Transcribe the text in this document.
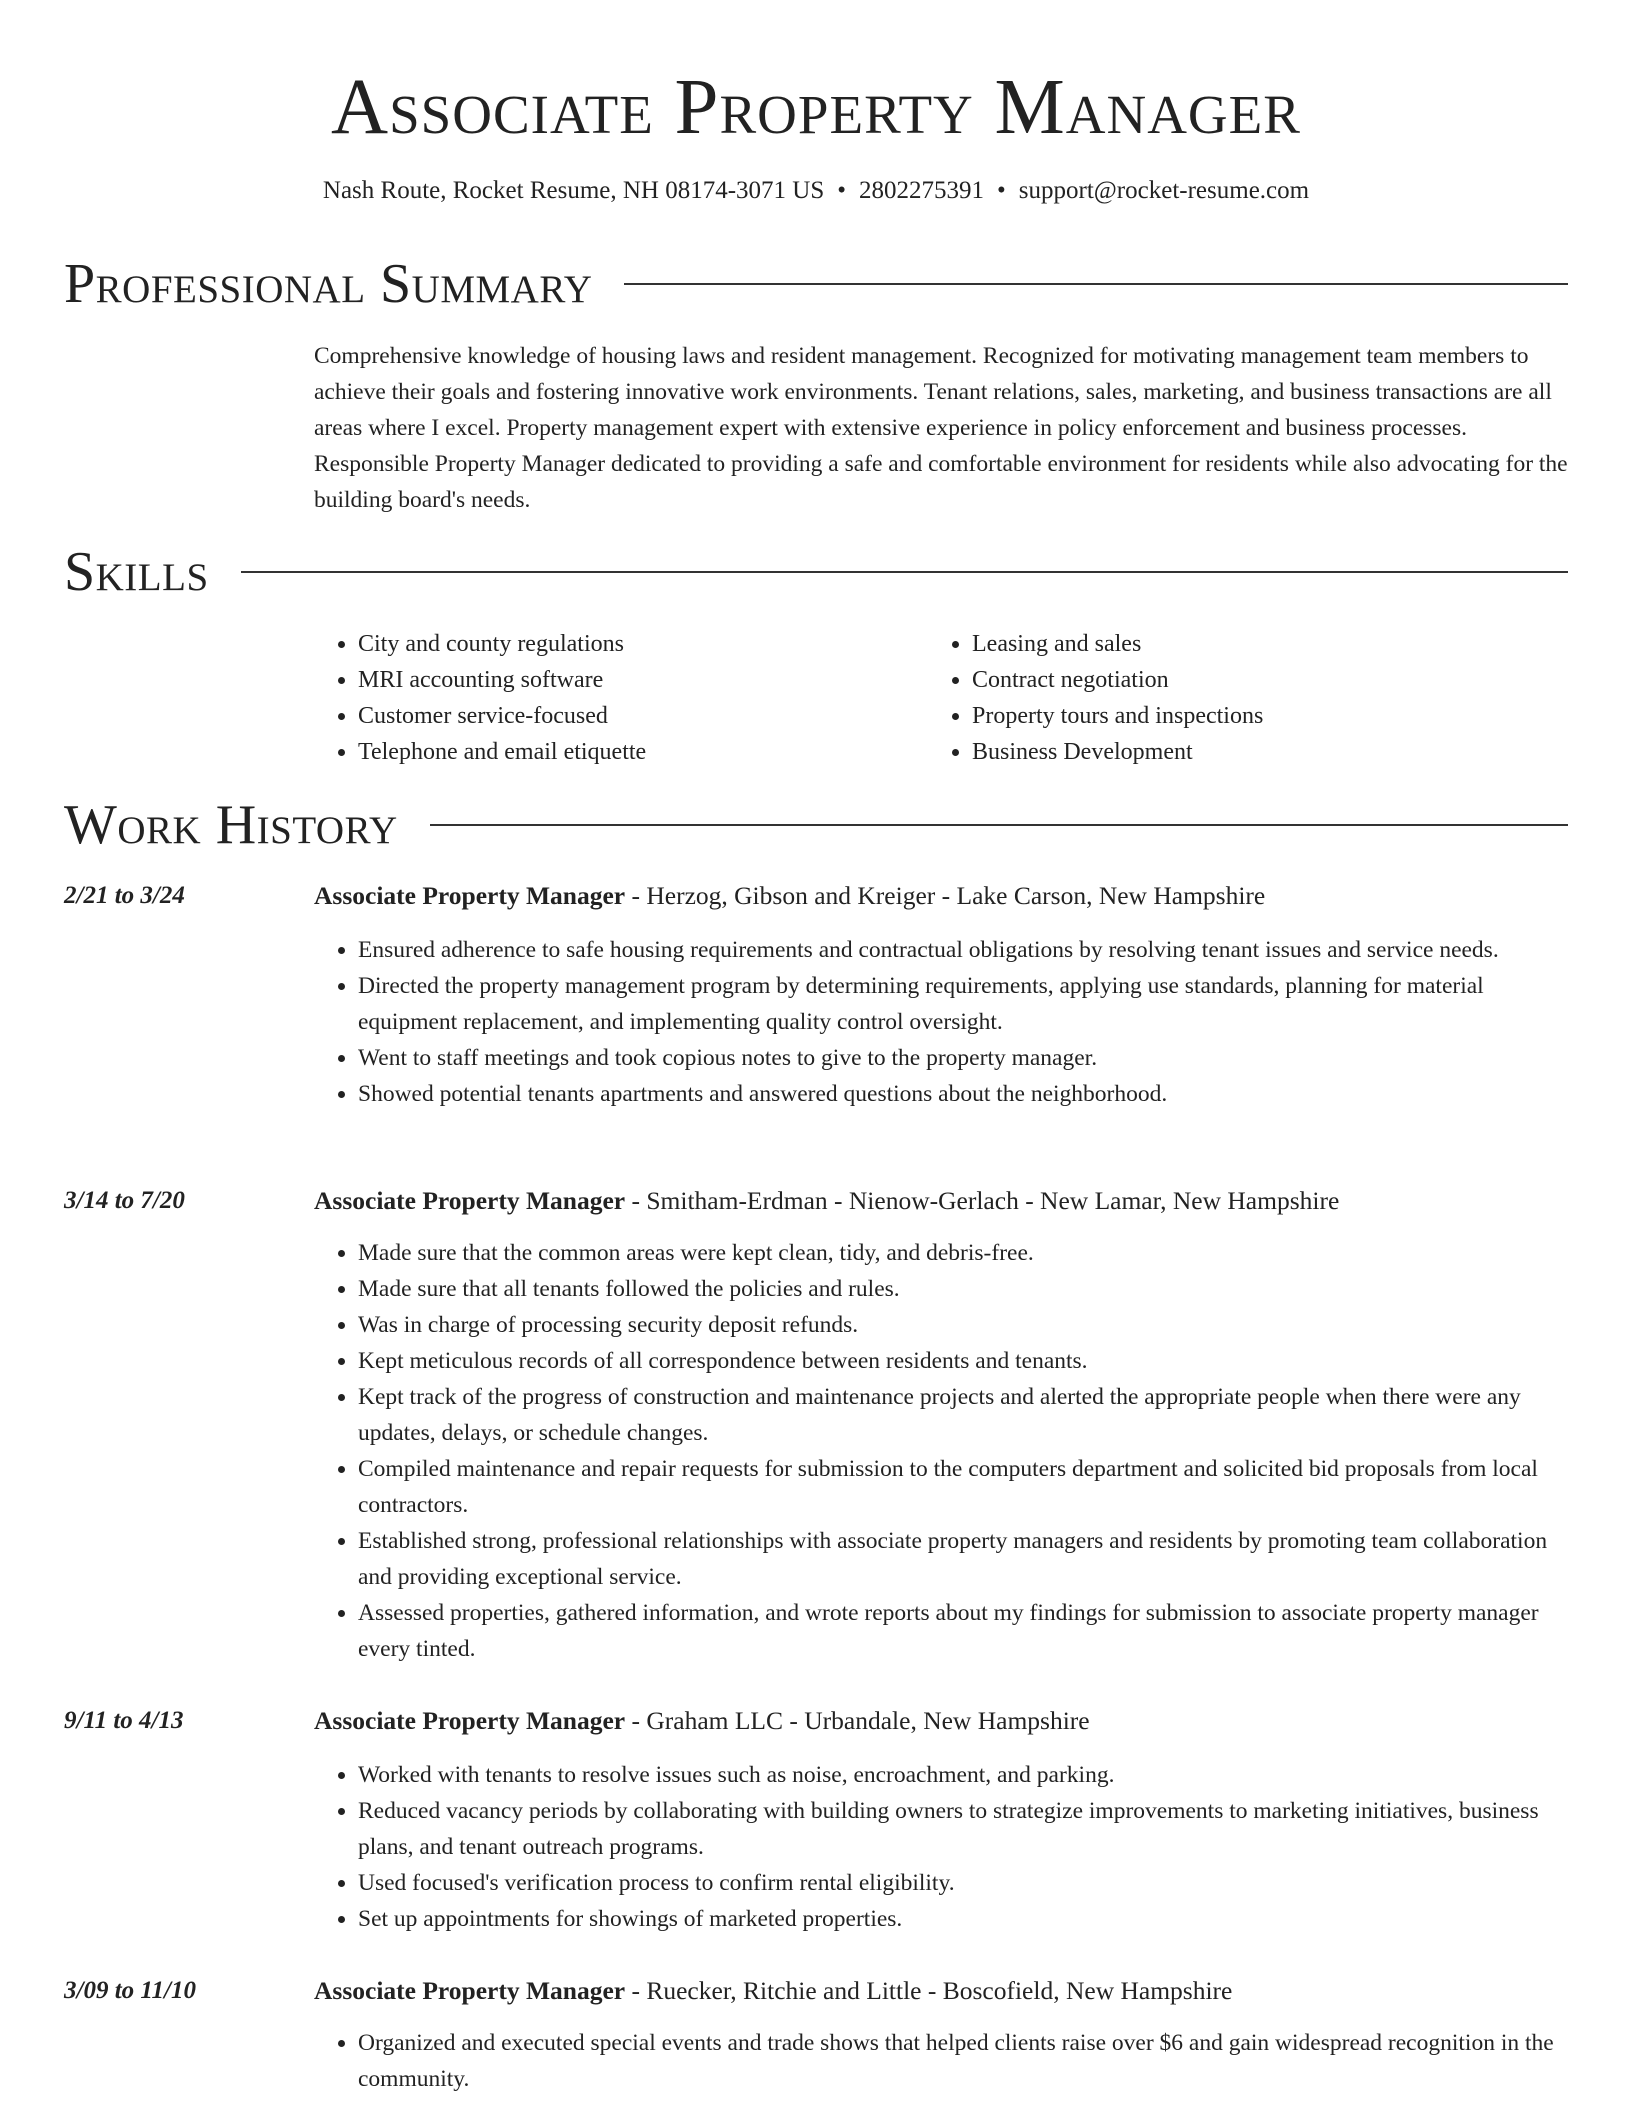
Associate Property Manager
Nash Route, Rocket Resume, NH 08174-3071 US • 2802275391 • support@rocket-resume.com
Professional Summary

Comprehensive knowledge of housing laws and resident management. Recognized for motivating management team members to achieve their goals and fostering innovative work environments. Tenant relations, sales, marketing, and business transactions are all areas where I excel. Property management expert with extensive experience in policy enforcement and business processes. Responsible Property Manager dedicated to providing a safe and comfortable environment for residents while also advocating for the building board's needs.

Skills
• City and county regulations
• MRI accounting software
• Customer service-focused
• Telephone and email etiquette
• Leasing and sales
• Contract negotiation
• Property tours and inspections
• Business Development
Work History
2/21 to 3/24	Associate Property Manager - Herzog, Gibson and Kreiger - Lake Carson, New Hampshire
• Ensured adherence to safe housing requirements and contractual obligations by resolving tenant issues and service needs.
• Directed the property management program by determining requirements, applying use standards, planning for material equipment replacement, and implementing quality control oversight.
• Went to staff meetings and took copious notes to give to the property manager.
• Showed potential tenants apartments and answered questions about the neighborhood.
3/14 to 7/20	Associate Property Manager - Smitham-Erdman - Nienow-Gerlach - New Lamar, New Hampshire
• Made sure that the common areas were kept clean, tidy, and debris-free.
• Made sure that all tenants followed the policies and rules.
• Was in charge of processing security deposit refunds.
• Kept meticulous records of all correspondence between residents and tenants.
• Kept track of the progress of construction and maintenance projects and alerted the appropriate people when there were any updates, delays, or schedule changes.
• Compiled maintenance and repair requests for submission to the computers department and solicited bid proposals from local contractors.
• Established strong, professional relationships with associate property managers and residents by promoting team collaboration and providing exceptional service.
• Assessed properties, gathered information, and wrote reports about my findings for submission to associate property manager every tinted.
9/11 to 4/13	Associate Property Manager - Graham LLC - Urbandale, New Hampshire
• Worked with tenants to resolve issues such as noise, encroachment, and parking.
• Reduced vacancy periods by collaborating with building owners to strategize improvements to marketing initiatives, business plans, and tenant outreach programs.
• Used focused's verification process to confirm rental eligibility.
• Set up appointments for showings of marketed properties.
3/09 to 11/10	Associate Property Manager - Ruecker, Ritchie and Little - Boscofield, New Hampshire
• Organized and executed special events and trade shows that helped clients raise over $6 and gain widespread recognition in the community.
